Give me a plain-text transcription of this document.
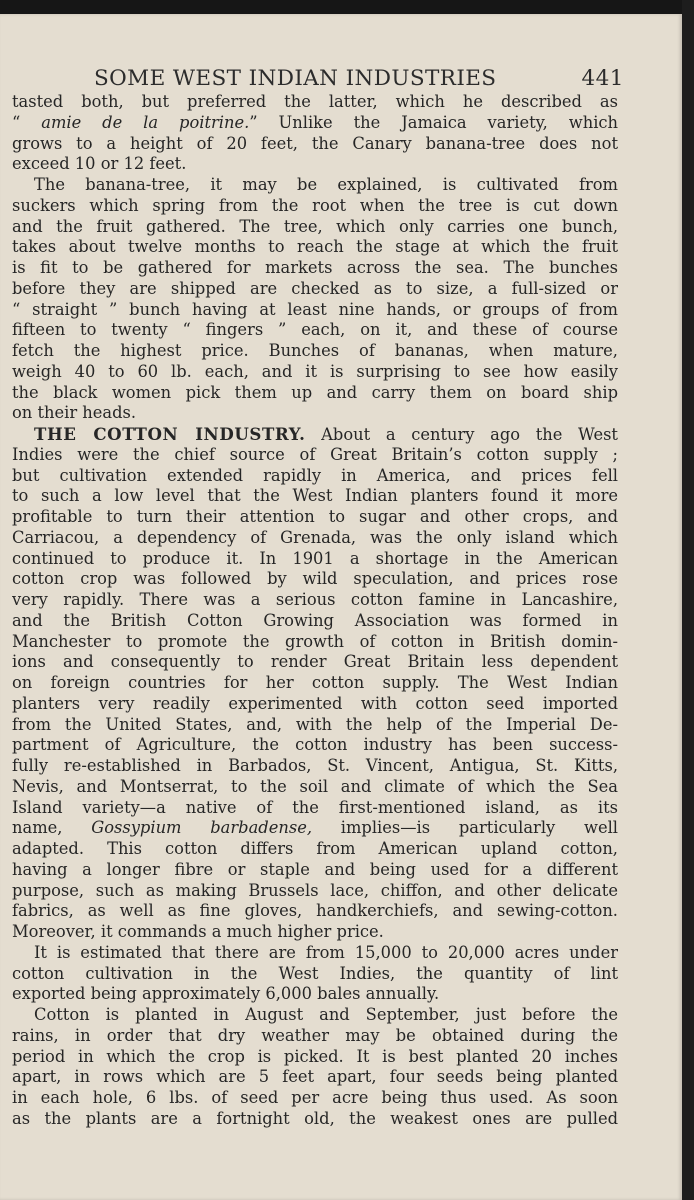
SOME WEST INDIAN INDUSTRIES	441
tasted both, but preferred the latter, which he described as
“ amie de la poitrine.” Unlike the Jamaica variety, which
grows to a height of 20 feet, the Canary banana-tree does not
exceed 10 or 12 feet.
The banana-tree, it may be explained, is cultivated from
suckers which spring from the root when the tree is cut down
and the fruit gathered. The tree, which only carries one bunch,
takes about twelve months to reach the stage at which the fruit
is fit to be gathered for markets across the sea. The bunches
before they are shipped are checked as to size, a full-sized or
“ straight ” bunch having at least nine hands, or groups of from
fifteen to twenty “ fingers ” each, on it, and these of course
fetch the highest price. Bunches of bananas, when mature,
weigh 40 to 60 lb. each, and it is surprising to see how easily
the black women pick them up and carry them on board ship
on their heads.
THE COTTON INDUSTRY. About a century ago the West
Indies were the chief source of Great Britain’s cotton supply ;
but cultivation extended rapidly in America, and prices fell
to such a low level that the West Indian planters found it more
profitable to turn their attention to sugar and other crops, and
Carriacou, a dependency of Grenada, was the only island which
continued to produce it. In 1901 a shortage in the American
cotton crop was followed by wild speculation, and prices rose
very rapidly. There was a serious cotton famine in Lancashire,
and the British Cotton Growing Association was formed in
Manchester to promote the growth of cotton in British domin-
ions and consequently to render Great Britain less dependent
on foreign countries for her cotton supply. The West Indian
planters very readily experimented with cotton seed imported
from the United States, and, with the help of the Imperial De-
partment of Agriculture, the cotton industry has been success-
fully re-established in Barbados, St. Vincent, Antigua, St. Kitts,
Nevis, and Montserrat, to the soil and climate of which the Sea
Island variety—a native of the first-mentioned island, as its
name, Gossypium barbadense, implies—is particularly well
adapted. This cotton differs from American upland cotton,
having a longer fibre or staple and being used for a different
purpose, such as making Brussels lace, chiffon, and other delicate
fabrics, as well as fine gloves, handkerchiefs, and sewing-cotton.
Moreover, it commands a much higher price.
It is estimated that there are from 15,000 to 20,000 acres under
cotton cultivation in the West Indies, the quantity of lint
exported being approximately 6,000 bales annually.
Cotton is planted in August and September, just before the
rains, in order that dry weather may be obtained during the
period in which the crop is picked. It is best planted 20 inches
apart, in rows which are 5 feet apart, four seeds being planted
in each hole, 6 lbs. of seed per acre being thus used. As soon
as the plants are a fortnight old, the weakest ones are pulled
